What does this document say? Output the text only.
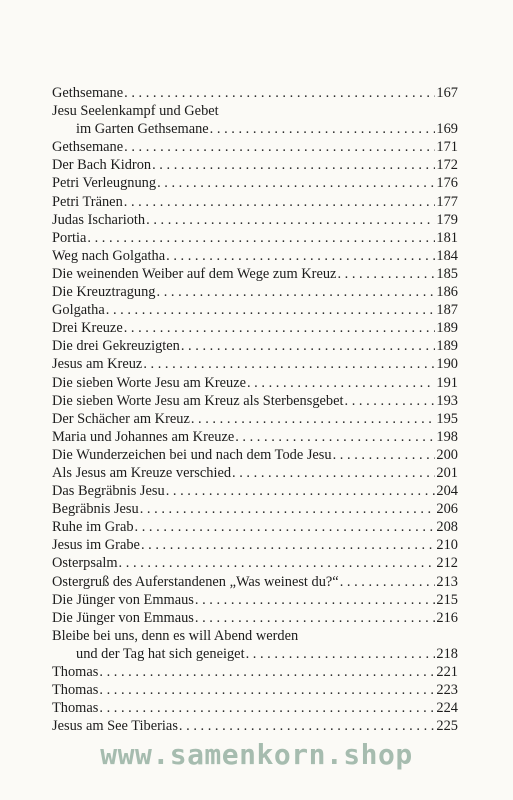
Gethsemane . . .	167
Jesu Seelenkampf und Gebet
im Garten Gethsemane . . .	169
Gethsemane . . .	171
Der Bach Kidron . . .	172
Petri Verleugnung . . .	176
Petri Tränen . . .	177
Judas Ischarioth . . .	179
Portia . . .	181
Weg nach Golgatha . . .	184
Die weinenden Weiber auf dem Wege zum Kreuz . . .	185
Die Kreuztragung . . .	186
Golgatha . . .	187
Drei Kreuze . . .	189
Die drei Gekreuzigten . . .	189
Jesus am Kreuz . . .	190
Die sieben Worte Jesu am Kreuze . . .	191
Die sieben Worte Jesu am Kreuz als Sterbensgebet . . .	193
Der Schächer am Kreuz . . .	195
Maria und Johannes am Kreuze . . .	198
Die Wunderzeichen bei und nach dem Tode Jesu . . .	200
Als Jesus am Kreuze verschied . . .	201
Das Begräbnis Jesu . . .	204
Begräbnis Jesu . . .	206
Ruhe im Grab . . .	208
Jesus im Grabe . . .	210
Osterpsalm . . .	212
Ostergruß des Auferstandenen „Was weinest du?“ . . .	213
Die Jünger von Emmaus . . .	215
Die Jünger von Emmaus . . .	216
Bleibe bei uns, denn es will Abend werden
und der Tag hat sich geneiget . . .	218
Thomas . . .	221
Thomas . . .	223
Thomas . . .	224
Jesus am See Tiberias . . .	225
www.samenkorn.shop
